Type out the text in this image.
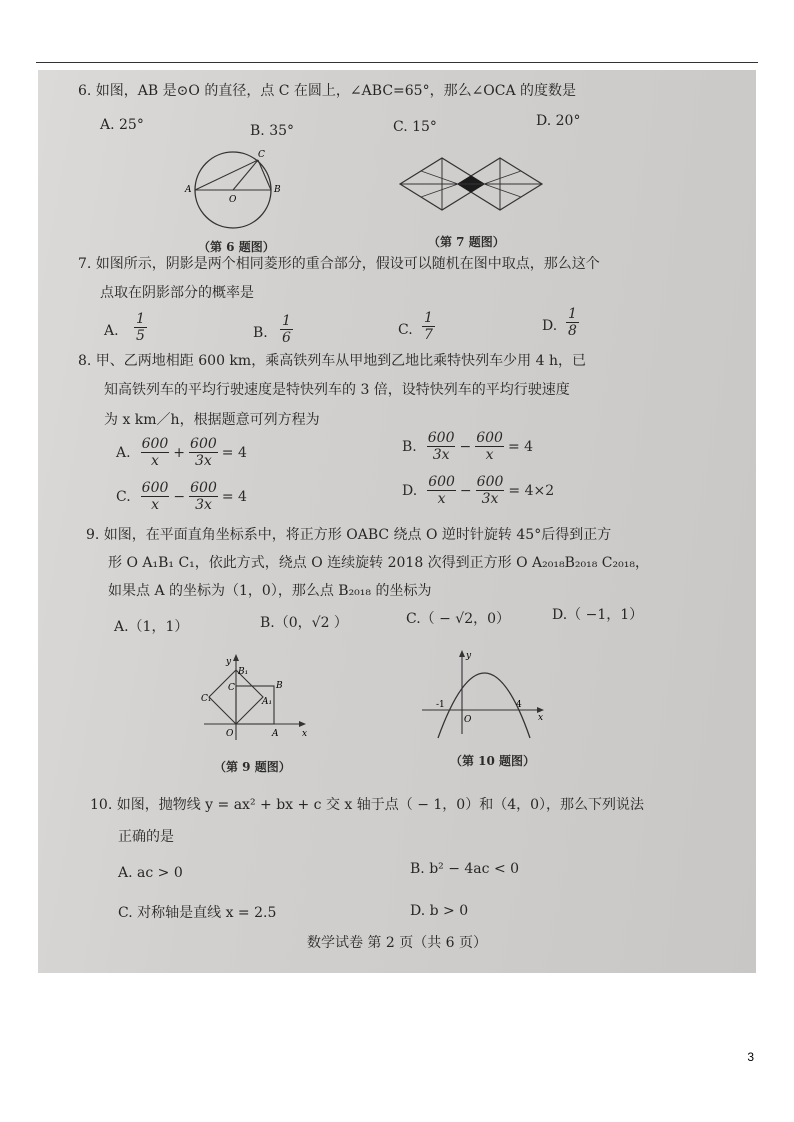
6. 如图，AB 是⊙O 的直径，点 C 在圆上，∠ABC=65°，那么∠OCA 的度数是
A. 25°	B. 35°	C. 15°	D. 20°
A	B
C
O
（第 6 题图）	（第 7 题图）
7. 如图所示，阴影是两个相同菱形的重合部分，假设可以随机在图中取点，那么这个
点取在阴影部分的概率是
A.
1
5	B.
1
6	C.
1
7
D.
1
8
8. 甲、乙两地相距 600 km，乘高铁列车从甲地到乙地比乘特快列车少用 4 h，已
知高铁列车的平均行驶速度是特快列车的 3 倍，设特快列车的平均行驶速度
为 x km／h，根据题意可列方程为
A.
600
x
+ $\frac{600}{3x} = 4$	B.
600
3x
− $\frac{600}{x} = 4$
C.
600
x
− $\frac{600}{3x} = 4$	D.
600
x
− $\frac{600}{3x} = 4\times 2$
9. 如图，在平面直角坐标系中，将正方形 OABC 绕点 O 逆时针旋转 45°后得到正方
形 O A₁B₁ C₁，依此方式，绕点 O 连续旋转 2018 次得到正方形 O A₂₀₁₈B₂₀₁₈ C₂₀₁₈，
如果点 A 的坐标为（1，0），那么点 B₂₀₁₈ 的坐标为
A.（1，1）	B.（0，√2 ）	C.（ − √2，0）	D.（ −1，1）
y
x
O	A
B
C
B₁
C₁	A₁
（第 9 题图）
y
x
O
-1	4
（第 10 题图）
10. 如图，抛物线 y = ax² + bx + c 交 x 轴于点（ − 1，0）和（4，0），那么下列说法
正确的是
A. ac > 0	B. b² − 4ac < 0
C. 对称轴是直线 x = 2.5	D. b > 0
数学试卷 第 2 页（共 6 页）
3
